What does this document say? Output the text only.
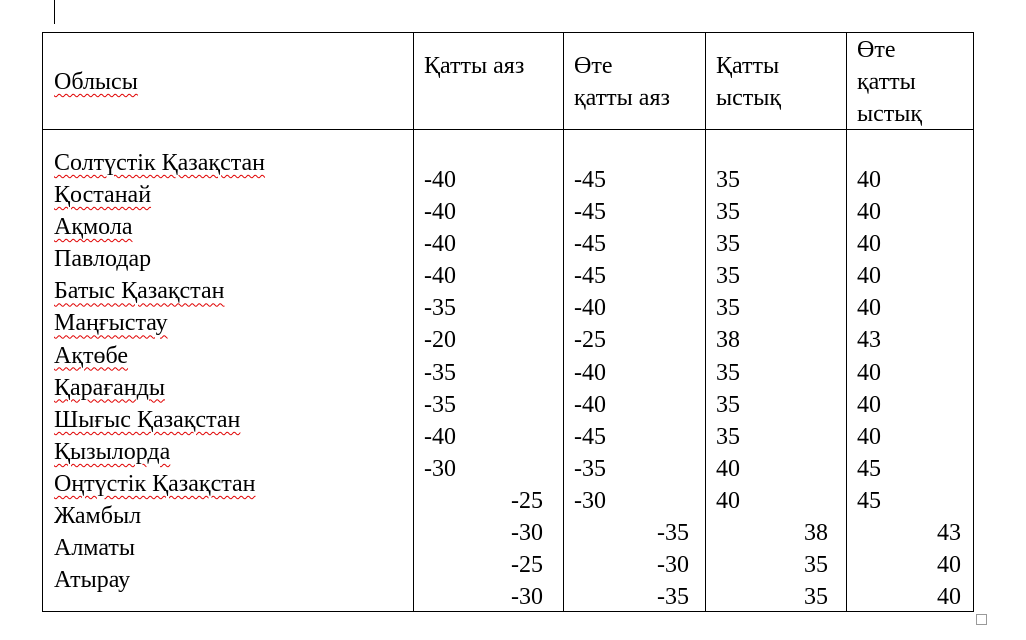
Облысы
Қатты аяз Өте
қатты аяз
Қатты
ыстық
Өте
қатты
ыстық
Солтүстік Қазақстан
Қостанай
Ақмола
Павлодар
Батыс Қазақстан
Маңғыстау
Ақтөбе
Қарағанды
Шығыс Қазақстан
Қызылорда
Оңтүстік Қазақстан
Жамбыл
Алматы
Атырау
-40
-40
-40
-40
-35
-20
-35
-35
-40
-30
-25
-30
-25
-30
-45
-45
-45
-45
-40
-25
-40
-40
-45
-35
-30
-35
-30
-35
35
35
35
35
35
38
35
35
35
40
40
38
35
35
40
40
40
40
40
43
40
40
40
45
45
43
40
40
